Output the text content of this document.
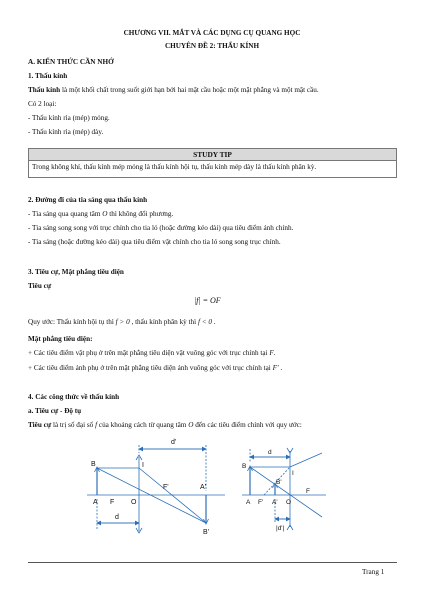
CHƯƠNG VII. MẮT VÀ CÁC DỤNG CỤ QUANG HỌC
CHUYÊN ĐỀ 2: THẤU KÍNH
A. KIẾN THỨC CẦN NHỚ
1. Thấu kính
Thấu kính là một khối chất trong suốt giới hạn bởi hai mặt cầu hoặc một mặt phẳng và một mặt cầu.
Có 2 loại:
- Thấu kính rìa (mép) mỏng.
- Thấu kính rìa (mép) dày.
STUDY TIP
Trong không khí, thấu kính mép mỏng là thấu kính hội tụ, thấu kính mép dày là thấu kính phân kỳ.
2. Đường đi của tia sáng qua thấu kính
- Tia sáng qua quang tâm O thì không đổi phương.
- Tia sáng song song với trục chính cho tia ló (hoặc đường kéo dài) qua tiêu điểm ảnh chính.
- Tia sáng (hoặc đường kéo dài) qua tiêu điểm vật chính cho tia ló song song trục chính.
3. Tiêu cự, Mặt phẳng tiêu diện
Tiêu cự
|f| = OF
Quy ước: Thấu kính hội tụ thì f > 0 , thấu kính phân kỳ thì f < 0 .
Mặt phẳng tiêu diện:
+ Các tiêu điểm vật phụ ở trên mặt phẳng tiêu diện vật vuông góc với trục chính tại F.
+ Các tiêu điểm ảnh phụ ở trên mặt phẳng tiêu diện ảnh vuông góc với trục chính tại F' .
4. Các công thức về thấu kính
a. Tiêu cự - Độ tụ
Tiêu cự là trị số đại số f của khoảng cách từ quang tâm O đến các tiêu điểm chính với quy ước:
d'
d
B
A F O
I
F'	A'
B'
d
B
B'
I
A F' A' O
F
|d'|
Trang 1
